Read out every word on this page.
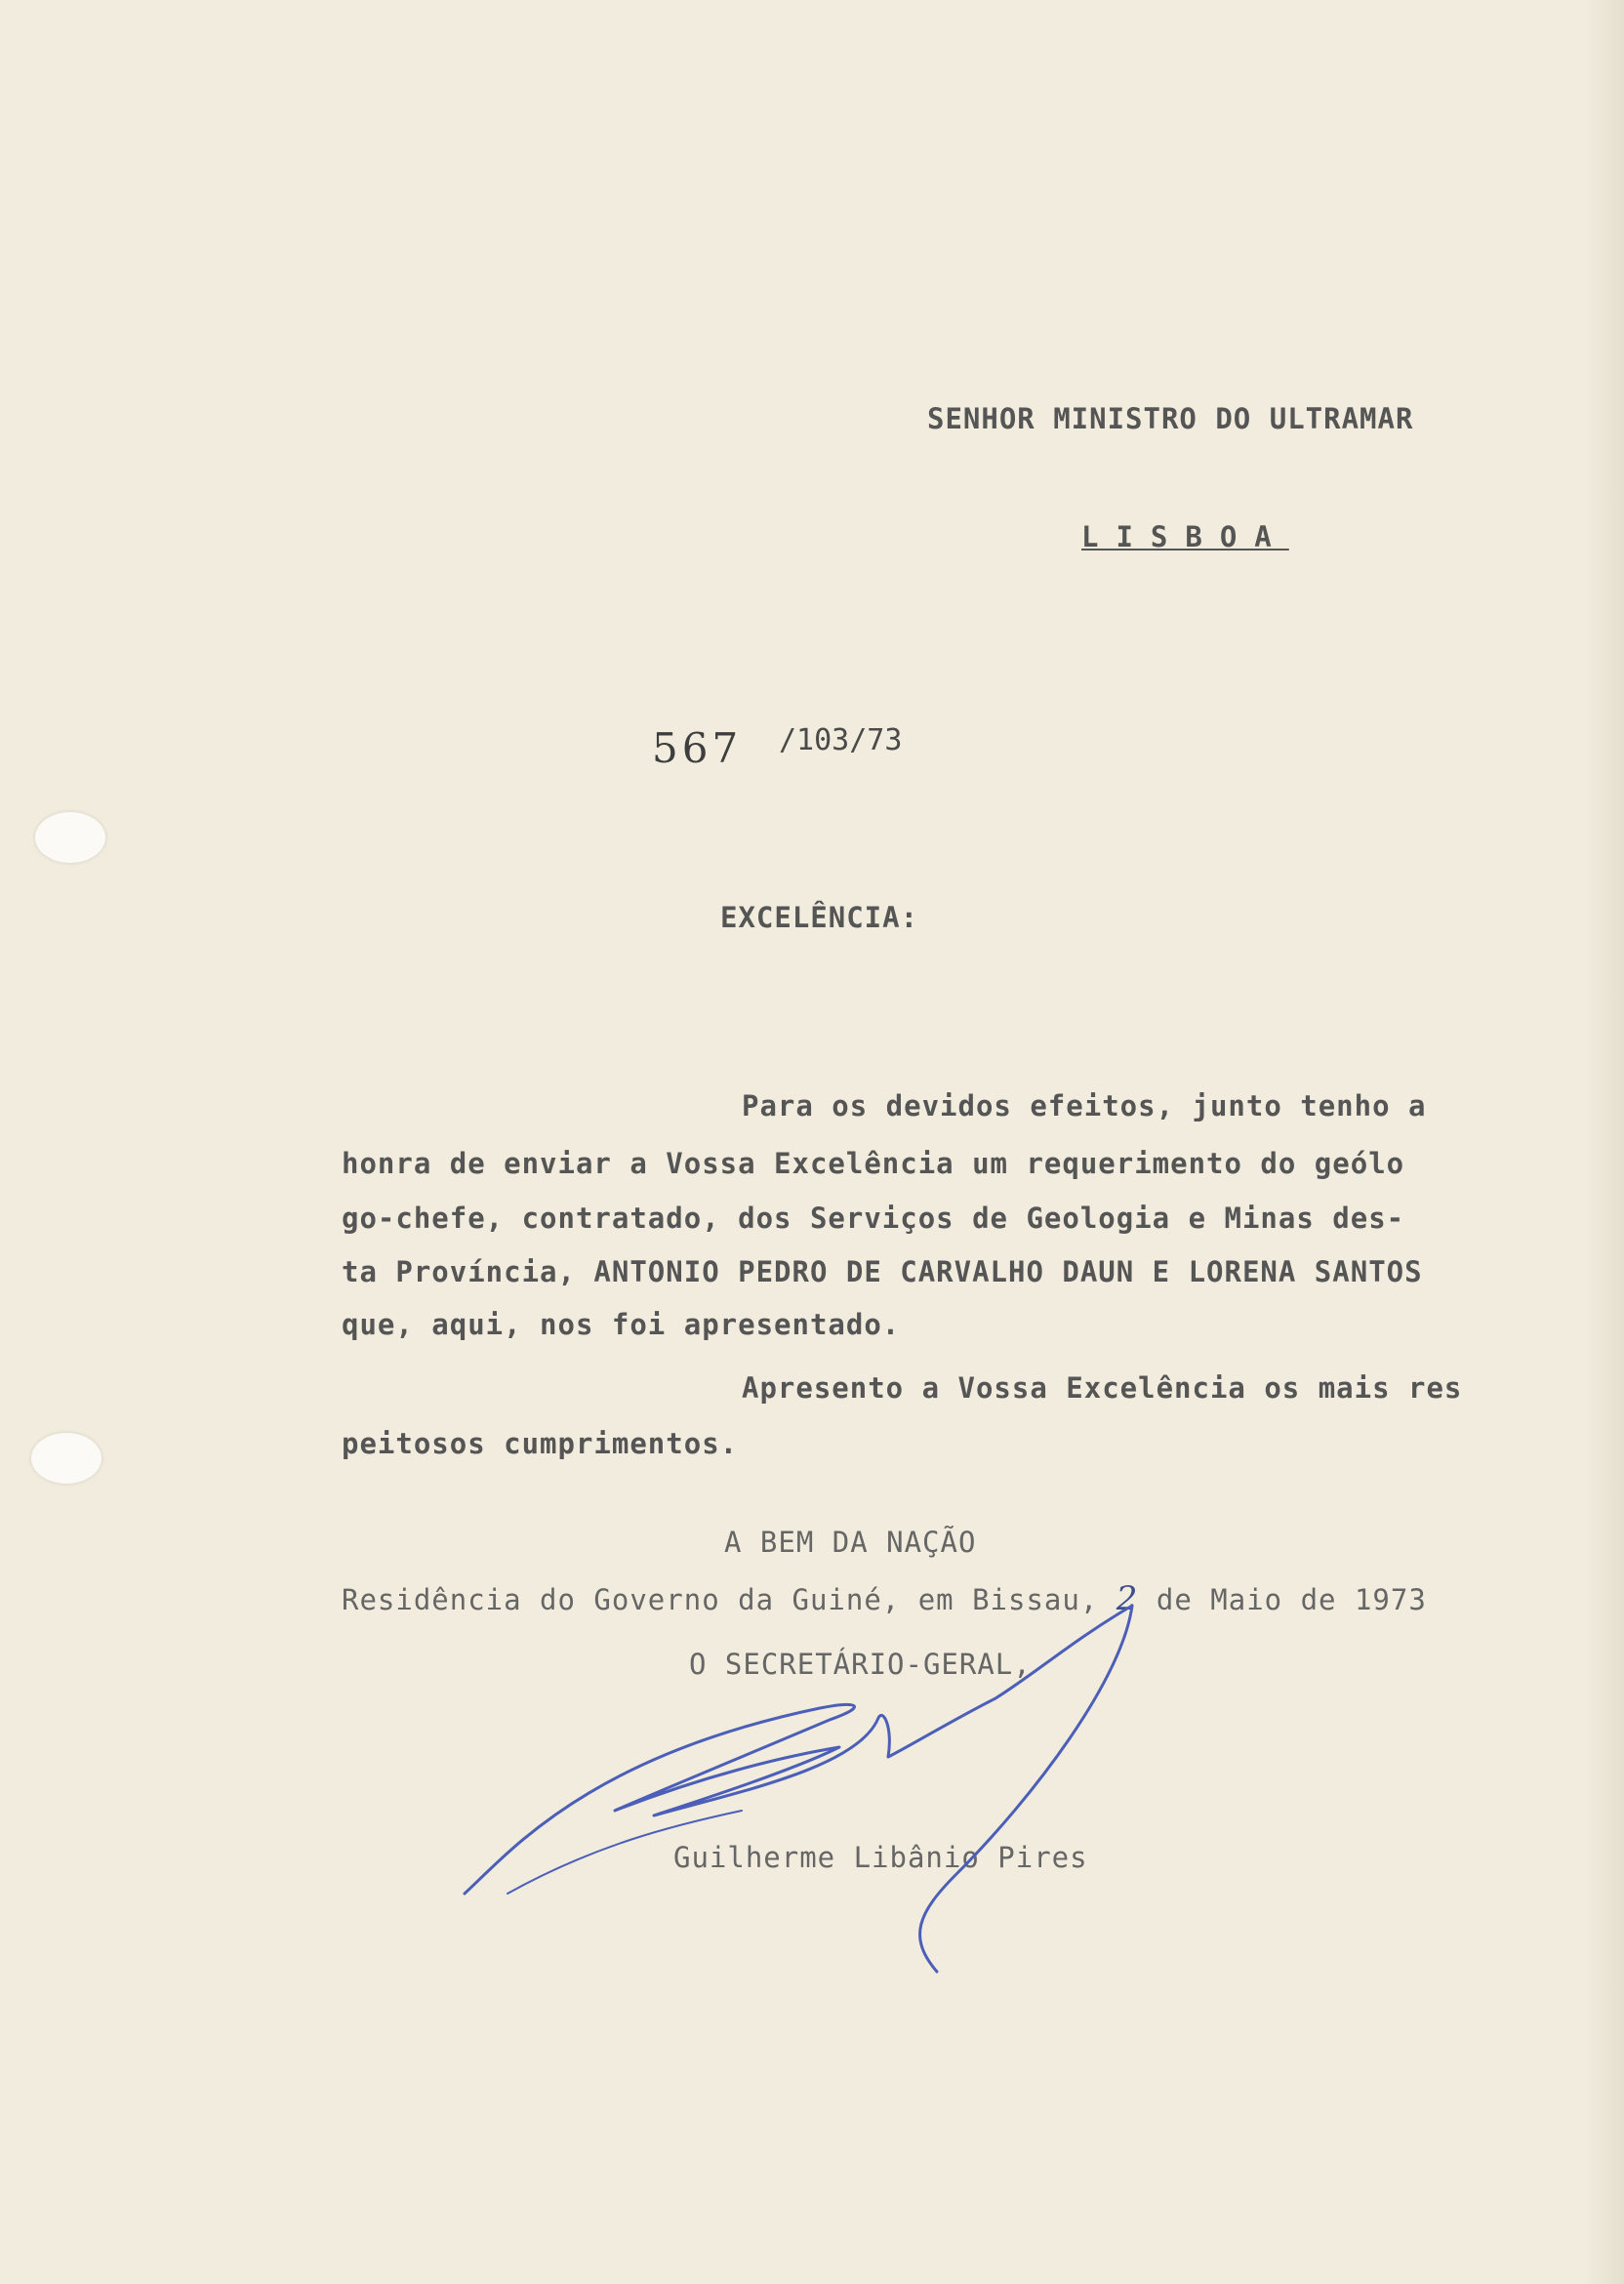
SENHOR MINISTRO DO ULTRAMAR
LISBOA
567 /103/73
EXCELÊNCIA:
Para os devidos efeitos, junto tenho a
honra de enviar a Vossa Excelência um requerimento do geólo
go-chefe, contratado, dos Serviços de Geologia e Minas des-
ta Província, ANTONIO PEDRO DE CARVALHO DAUN E LORENA SANTOS
que, aqui, nos foi apresentado.
Apresento a Vossa Excelência os mais res
peitosos cumprimentos.
A BEM DA NAÇÃO
Residência do Governo da Guiné, em Bissau, 2 de Maio de 1973
O SECRETÁRIO-GERAL,
Guilherme Libânio Pires
